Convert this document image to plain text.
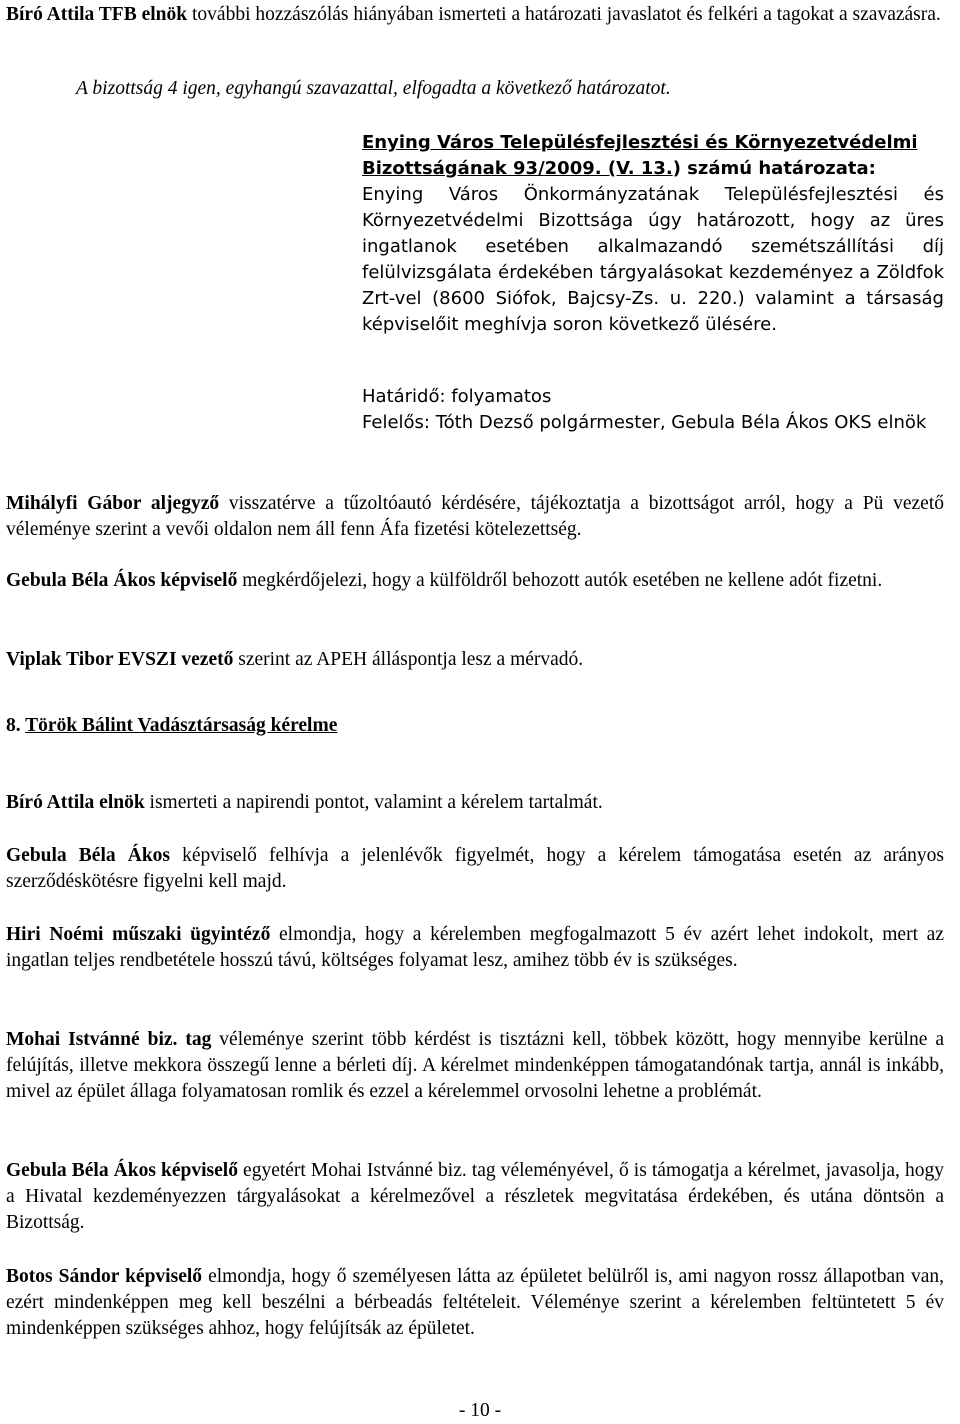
Bíró Attila TFB elnök további hozzászólás hiányában ismerteti a határozati javaslatot és felkéri a tagokat a szavazásra.

A bizottság 4 igen, egyhangú szavazattal, elfogadta a következő határozatot.

Enying Város Településfejlesztési és Környezetvédelmi
Bizottságának 93/2009. (V. 13.) számú határozata:

Enying Város Önkormányzatának Településfejlesztési és Környezetvédelmi Bizottsága úgy határozott, hogy az üres ingatlanok esetében alkalmazandó szemétszállítási díj felülvizsgálata érdekében tárgyalásokat kezdeményez a Zöldfok Zrt-vel (8600 Siófok, Bajcsy-Zs. u. 220.) valamint a társaság képviselőit meghívja soron következő ülésére.

Határidő: folyamatos

Felelős: Tóth Dezső polgármester, Gebula Béla Ákos OKS elnök

Mihályfi Gábor aljegyző visszatérve a tűzoltóautó kérdésére, tájékoztatja a bizottságot arról, hogy a Pü vezető véleménye szerint a vevői oldalon nem áll fenn Áfa fizetési kötelezettség.

Gebula Béla Ákos képviselő megkérdőjelezi, hogy a külföldről behozott autók esetében ne kellene adót fizetni.

Viplak Tibor EVSZI vezető szerint az APEH álláspontja lesz a mérvadó.

8. Török Bálint Vadásztársaság kérelme

Bíró Attila elnök ismerteti a napirendi pontot, valamint a kérelem tartalmát.

Gebula Béla Ákos képviselő felhívja a jelenlévők figyelmét, hogy a kérelem támogatása esetén az arányos szerződéskötésre figyelni kell majd.

Hiri Noémi műszaki ügyintéző elmondja, hogy a kérelemben megfogalmazott 5 év azért lehet indokolt, mert az ingatlan teljes rendbetétele hosszú távú, költséges folyamat lesz, amihez több év is szükséges.

Mohai Istvánné biz. tag véleménye szerint több kérdést is tisztázni kell, többek között, hogy mennyibe kerülne a felújítás, illetve mekkora összegű lenne a bérleti díj. A kérelmet mindenképpen támogatandónak tartja, annál is inkább, mivel az épület állaga folyamatosan romlik és ezzel a kérelemmel orvosolni lehetne a problémát.

Gebula Béla Ákos képviselő egyetért Mohai Istvánné biz. tag véleményével, ő is támogatja a kérelmet, javasolja, hogy a Hivatal kezdeményezzen tárgyalásokat a kérelmezővel a részletek megvitatása érdekében, és utána döntsön a Bizottság.

Botos Sándor képviselő elmondja, hogy ő személyesen látta az épületet belülről is, ami nagyon rossz állapotban van, ezért mindenképpen meg kell beszélni a bérbeadás feltételeit. Véleménye szerint a kérelemben feltüntetett 5 év mindenképpen szükséges ahhoz, hogy felújítsák az épületet.

- 10 -
